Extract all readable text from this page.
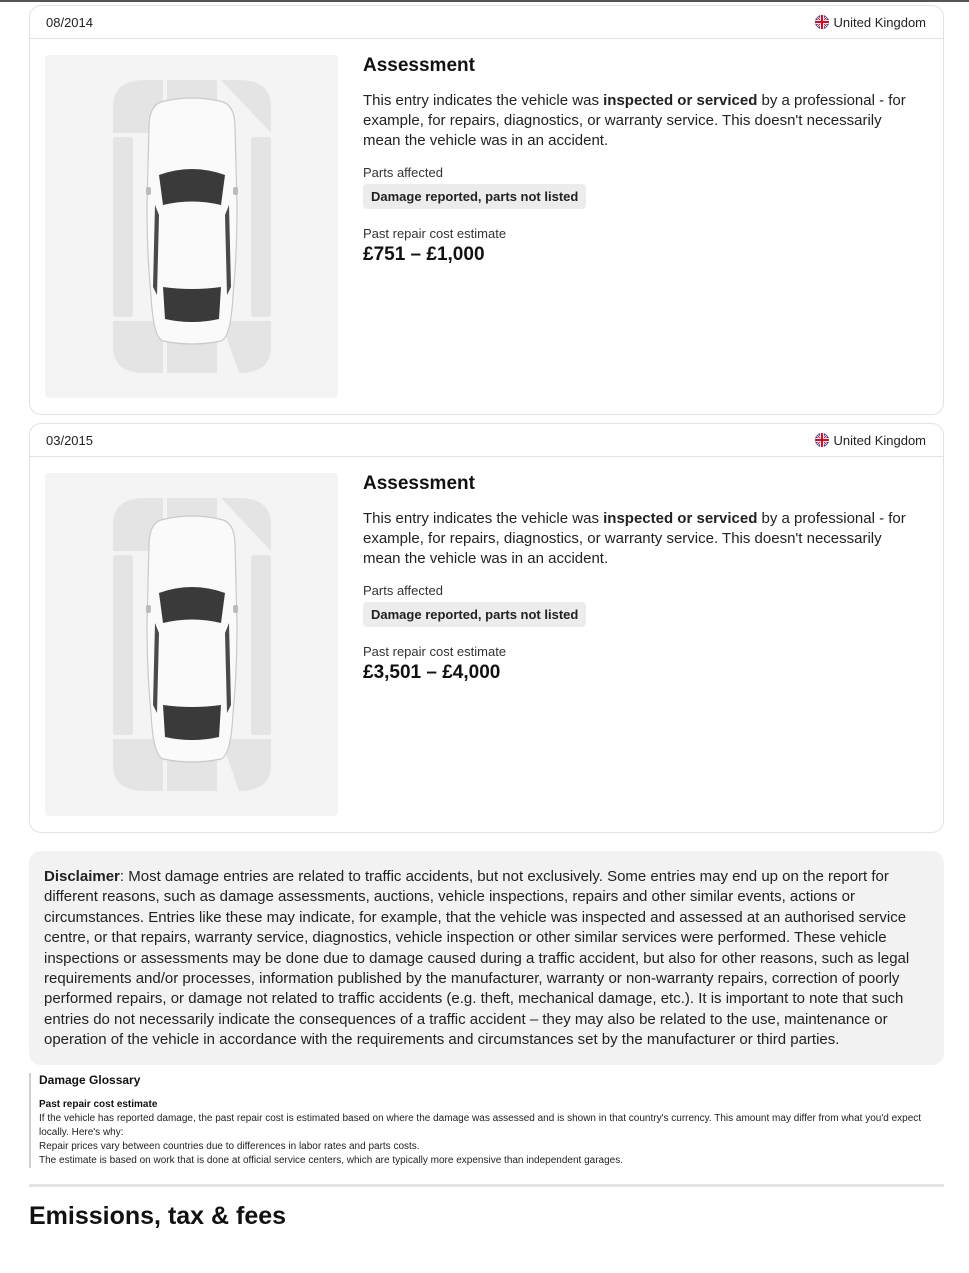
08/2014	United Kingdom
Assessment

This entry indicates the vehicle was inspected or serviced by a professional - for example, for repairs, diagnostics, or warranty service. This doesn't necessarily mean the vehicle was in an accident.

Parts affected
Damage reported, parts not listed
Past repair cost estimate
£751 – £1,000
03/2015	United Kingdom
Assessment

This entry indicates the vehicle was inspected or serviced by a professional - for example, for repairs, diagnostics, or warranty service. This doesn't necessarily mean the vehicle was in an accident.

Parts affected
Damage reported, parts not listed
Past repair cost estimate
£3,501 – £4,000
Disclaimer: Most damage entries are related to traffic accidents, but not exclusively. Some entries may end up on the report for different reasons, such as damage assessments, auctions, vehicle inspections, repairs and other similar events, actions or circumstances. Entries like these may indicate, for example, that the vehicle was inspected and assessed at an authorised service centre, or that repairs, warranty service, diagnostics, vehicle inspection or other similar services were performed. These vehicle inspections or assessments may be done due to damage caused during a traffic accident, but also for other reasons, such as legal requirements and/or processes, information published by the manufacturer, warranty or non-warranty repairs, correction of poorly performed repairs, or damage not related to traffic accidents (e.g. theft, mechanical damage, etc.). It is important to note that such entries do not necessarily indicate the consequences of a traffic accident – they may also be related to the use, maintenance or operation of the vehicle in accordance with the requirements and circumstances set by the manufacturer or third parties.
Damage Glossary
Past repair cost estimate
If the vehicle has reported damage, the past repair cost is estimated based on where the damage was assessed and is shown in that country's currency. This amount may differ from what you'd expect locally. Here's why:
Repair prices vary between countries due to differences in labor rates and parts costs.
The estimate is based on work that is done at official service centers, which are typically more expensive than independent garages.
Emissions, tax & fees
